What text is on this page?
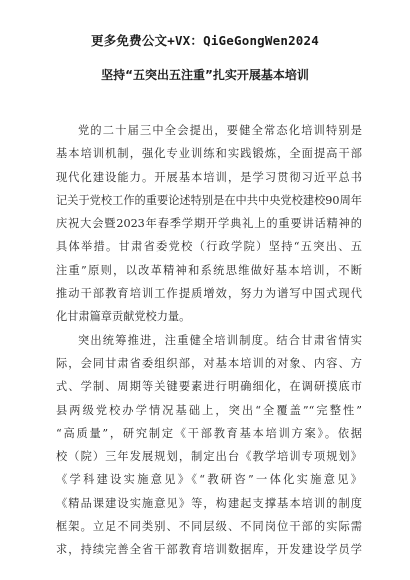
更多免费公文+VX：QiGeGongWen2024
坚持“五突出五注重”扎实开展基本培训
党的二十届三中全会提出，要健全常态化培训特别是
基本培训机制，强化专业训练和实践锻炼，全面提高干部
现代化建设能力。开展基本培训，是学习贯彻习近平总书
记关于党校工作的重要论述特别是在中共中央党校建校90周年
庆祝大会暨2023年春季学期开学典礼上的重要讲话精神的
具体举措。甘肃省委党校（行政学院）坚持“五突出、五
注重”原则，以改革精神和系统思维做好基本培训，不断
推动干部教育培训工作提质增效，努力为谱写中国式现代
化甘肃篇章贡献党校力量。
突出统筹推进，注重健全培训制度。结合甘肃省情实
际，会同甘肃省委组织部，对基本培训的对象、内容、方
式、学制、周期等关键要素进行明确细化，在调研摸底市
县两级党校办学情况基础上，突出“全覆盖”“完整性”
“高质量”，研究制定《干部教育基本培训方案》。依据
校（院）三年发展规划，制定出台《教学培训专项规划》
《学科建设实施意见》《“教研咨”一体化实施意见》
《精品课建设实施意见》等，构建起支撑基本培训的制度
框架。立足不同类别、不同层级、不同岗位干部的实际需
求，持续完善全省干部教育培训数据库，开发建设学员学
